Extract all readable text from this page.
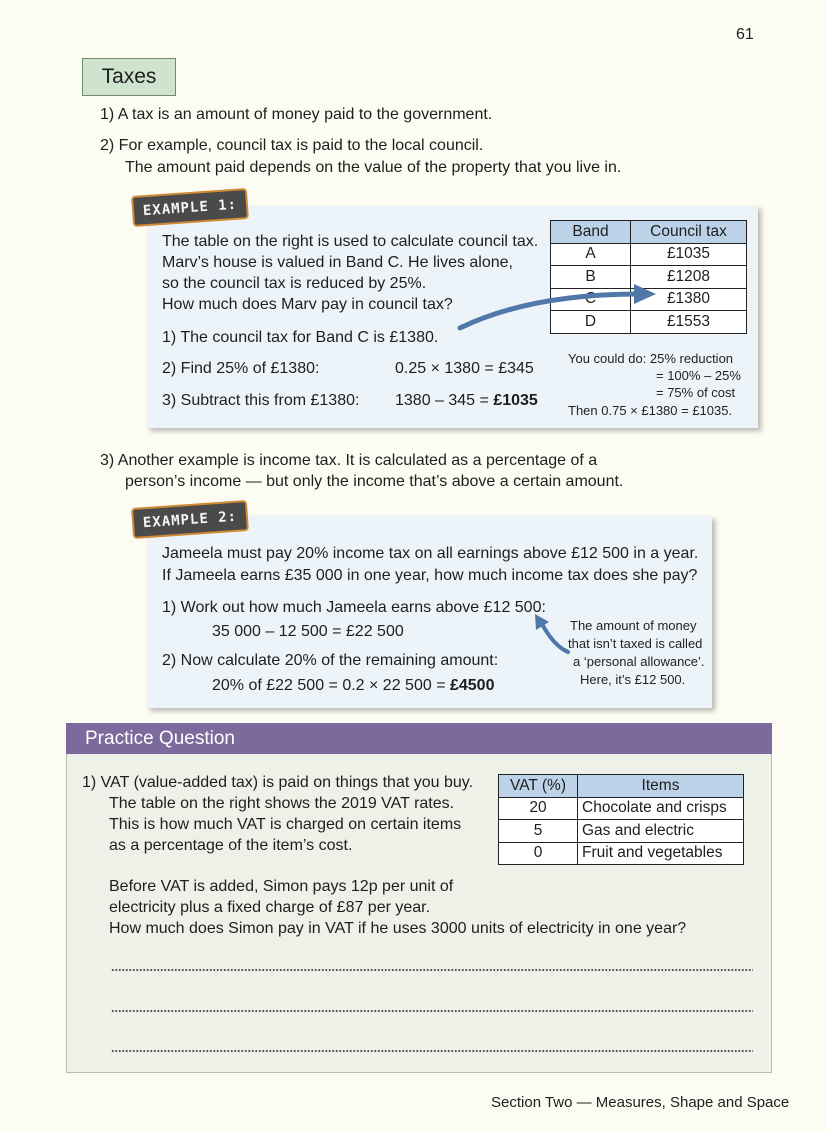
61
Taxes
1) A tax is an amount of money paid to the government.
2) For example, council tax is paid to the local council.
The amount paid depends on the value of the property that you live in.
EXAMPLE 1:
The table on the right is used to calculate council tax.
Marv’s house is valued in Band C. He lives alone,
so the council tax is reduced by 25%.
How much does Marv pay in council tax?
1) The council tax for Band C is £1380.
2) Find 25% of £1380:	0.25 × 1380 = £345
3) Subtract this from £1380: 1380 – 345 = £1035
Band	Council tax
A	£1035
B	£1208
C	£1380
D	£1553
You could do: 25% reduction
= 100% – 25%
= 75% of cost
Then 0.75 × £1380 = £1035.
3) Another example is income tax. It is calculated as a percentage of a
person’s income — but only the income that’s above a certain amount.
EXAMPLE 2:
Jameela must pay 20% income tax on all earnings above £12 500 in a year.
If Jameela earns £35 000 in one year, how much income tax does she pay?
1) Work out how much Jameela earns above £12 500:
35 000 – 12 500 = £22 500
2) Now calculate 20% of the remaining amount:
20% of £22 500 = 0.2 × 22 500 = £4500
The amount of money
that isn’t taxed is called
a ‘personal allowance’.
Here, it’s £12 500.
Practice Question
1) VAT (value-added tax) is paid on things that you buy.
The table on the right shows the 2019 VAT rates.
This is how much VAT is charged on certain items
as a percentage of the item’s cost.
Before VAT is added, Simon pays 12p per unit of
electricity plus a fixed charge of £87 per year.
How much does Simon pay in VAT if he uses 3000 units of electricity in one year?
VAT (%)	Items
20	Chocolate and crisps
5	Gas and electric
0	Fruit and vegetables
Section Two — Measures, Shape and Space
